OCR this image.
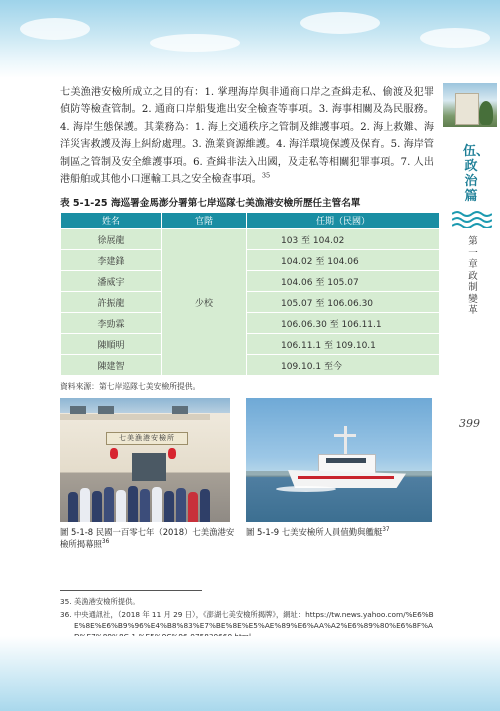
七美漁港安檢所成立之目的有：1. 掌理海岸與非通商口岸之查緝走私、偷渡及犯罪偵防等檢查管制。2. 通商口岸船隻進出安全檢查等事項。3. 海事相關及為民服務。4. 海岸生態保護。其業務為：1. 海上交通秩序之管制及維護事項。2. 海上救難、海洋災害救護及海上糾紛處理。3. 漁業資源維護。4. 海洋環境保護及保育。5. 海岸管制區之管制及安全維護事項。6. 查緝非法入出國，及走私等相關犯罪事項。7. 人出港船舶或其他小口運輸工具之安全檢查事項。$^{35}$

伍、政治篇

第一章　政制變革

399

表 5-1-25 海巡署金馬澎分署第七岸巡隊七美漁港安檢所歷任主管名單

姓名	官階	任期（民國）
徐展龍	少校	103 至 104.02
李建鋒		104.02 至 104.06
潘威宇		104.06 至 105.07
許振龍		105.07 至 106.06.30
李勁霖		106.06.30 至 106.11.1
陳順明		106.11.1 至 109.10.1
陳建智		109.10.1 至今

資料來源：第七岸巡隊七美安檢所提供。

七美漁港安檢所

圖 5-1-8 民國一百零七年（2018）七美漁港安檢所揭幕照$^{36}$

圖 5-1-9 七美安檢所人員值勤與艦艇$^{37}$

35. 美漁港安檢所提供。
36. 中央通訊社，（2018 年 11 月 29 日），《澎湖七美安檢所揭牌》，網址：https://tw.news.yahoo.com/%E6%BE%8E%E6%B9%96%E4%B8%83%E7%BE%8E%E5%AE%89%E6%AA%A2%E6%89%80%E6%8F%A
